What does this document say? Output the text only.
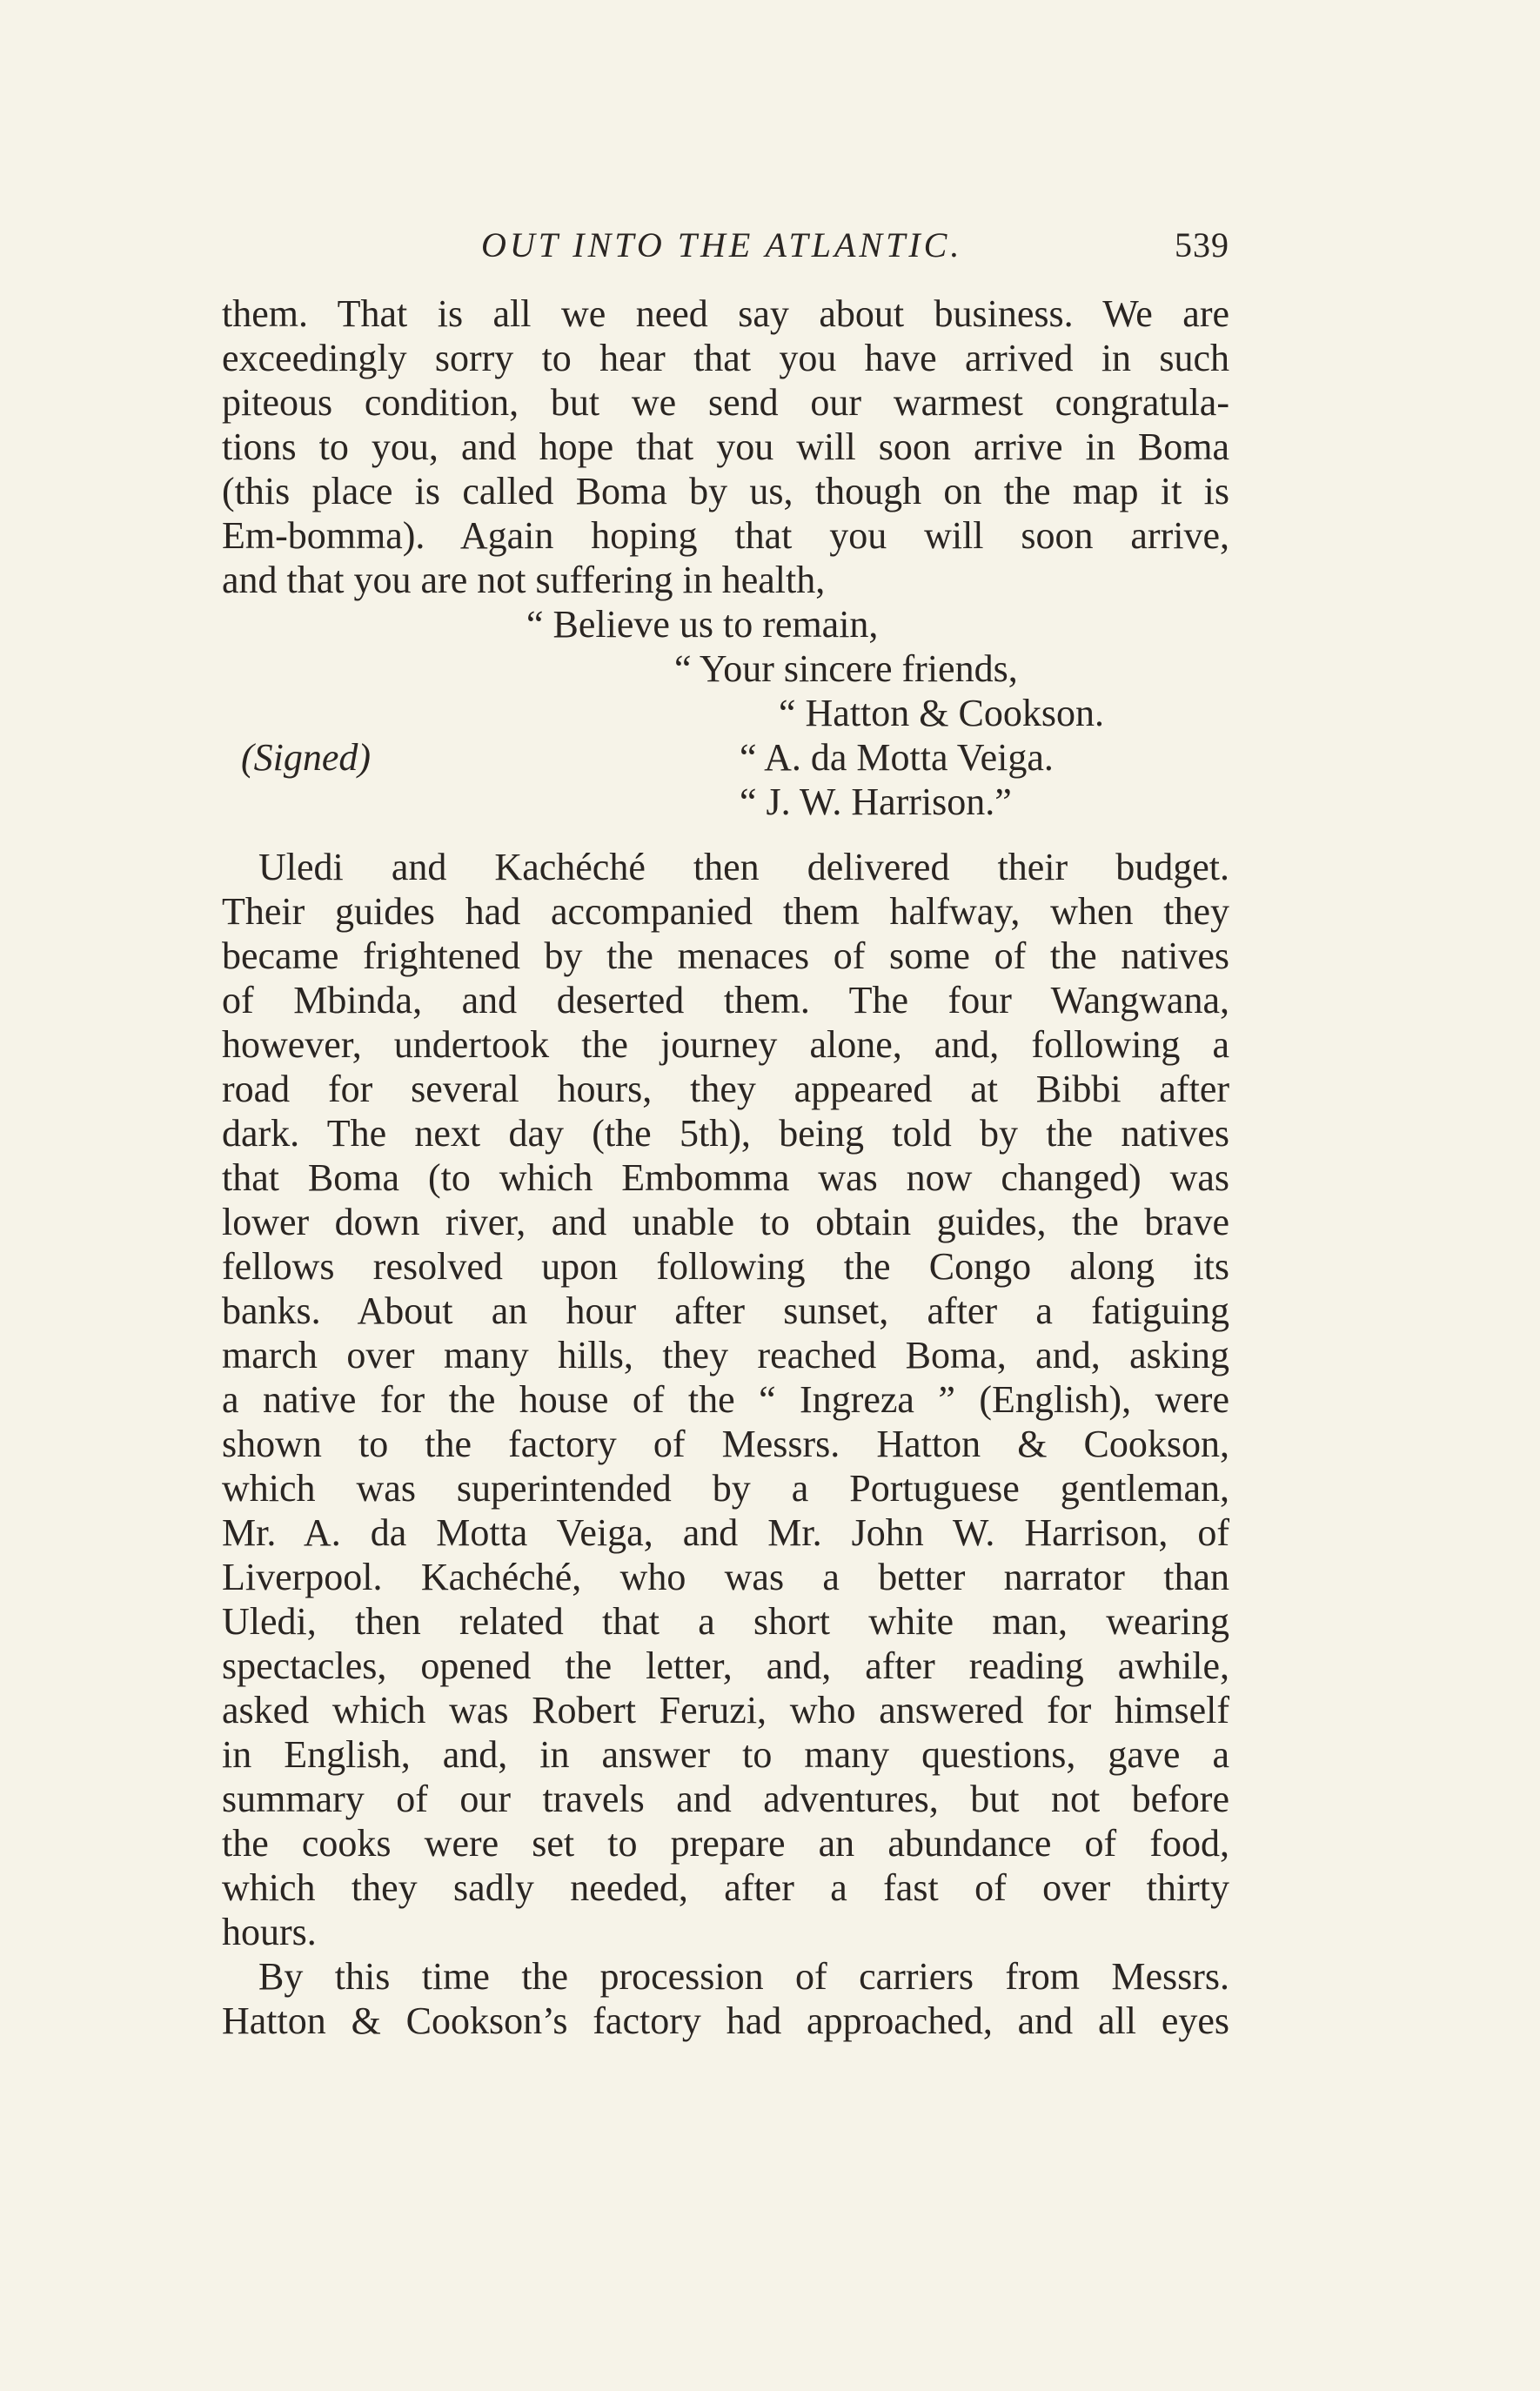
OUT INTO THE ATLANTIC.	539
them. That is all we need say about business. We are
exceedingly sorry to hear that you have arrived in such
piteous condition, but we send our warmest congratula-
tions to you, and hope that you will soon arrive in Boma
(this place is called Boma by us, though on the map it is
Em-bomma). Again hoping that you will soon arrive,
and that you are not suffering in health,
“ Believe us to remain,
“ Your sincere friends,
“ Hatton & Cookson.
(Signed)	“ A. da Motta Veiga.
“ J. W. Harrison.”
Uledi and Kachéché then delivered their budget.
Their guides had accompanied them halfway, when they
became frightened by the menaces of some of the natives
of Mbinda, and deserted them. The four Wangwana,
however, undertook the journey alone, and, following a
road for several hours, they appeared at Bibbi after
dark. The next day (the 5th), being told by the natives
that Boma (to which Embomma was now changed) was
lower down river, and unable to obtain guides, the brave
fellows resolved upon following the Congo along its
banks. About an hour after sunset, after a fatiguing
march over many hills, they reached Boma, and, asking
a native for the house of the “ Ingreza ” (English), were
shown to the factory of Messrs. Hatton & Cookson,
which was superintended by a Portuguese gentleman,
Mr. A. da Motta Veiga, and Mr. John W. Harrison, of
Liverpool. Kachéché, who was a better narrator than
Uledi, then related that a short white man, wearing
spectacles, opened the letter, and, after reading awhile,
asked which was Robert Feruzi, who answered for himself
in English, and, in answer to many questions, gave a
summary of our travels and adventures, but not before
the cooks were set to prepare an abundance of food,
which they sadly needed, after a fast of over thirty
hours.
By this time the procession of carriers from Messrs.
Hatton & Cookson’s factory had approached, and all eyes
